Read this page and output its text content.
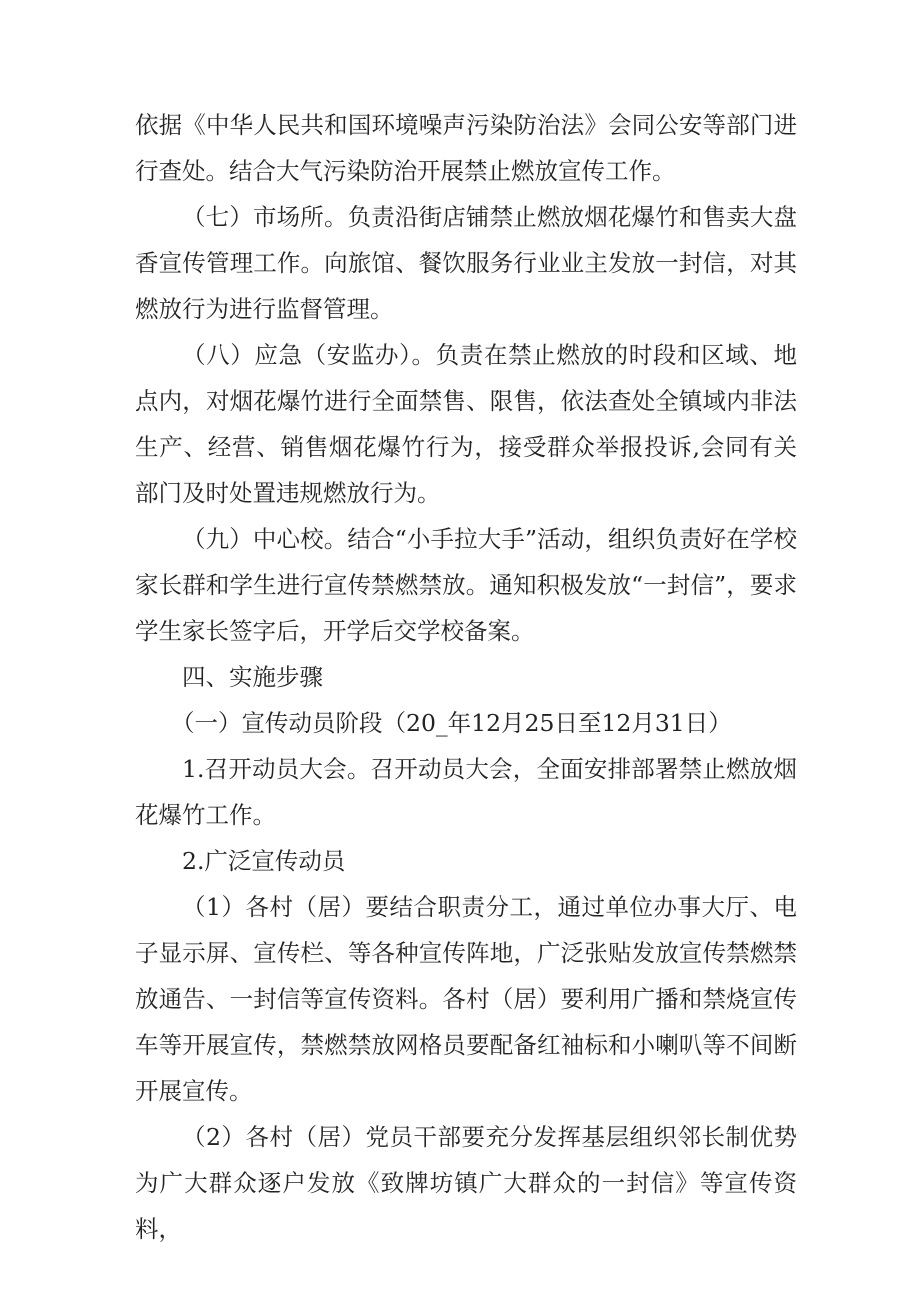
依据《中华人民共和国环境噪声污染防治法》会同公安等部门进行查处。结合大气污染防治开展禁止燃放宣传工作。

（七）市场所。负责沿街店铺禁止燃放烟花爆竹和售卖大盘香宣传管理工作。向旅馆、餐饮服务行业业主发放一封信，对其燃放行为进行监督管理。

（八）应急（安监办）。负责在禁止燃放的时段和区域、地点内，对烟花爆竹进行全面禁售、限售，依法查处全镇域内非法生产、经营、销售烟花爆竹行为，接受群众举报投诉,会同有关部门及时处置违规燃放行为。

（九）中心校。结合“小手拉大手”活动，组织负责好在学校家长群和学生进行宣传禁燃禁放。通知积极发放“一封信”，要求学生家长签字后，开学后交学校备案。

四、实施步骤

（一）宣传动员阶段（20_年12月25日至12月31日）

1.召开动员大会。召开动员大会，全面安排部署禁止燃放烟花爆竹工作。

2.广泛宣传动员

（1）各村（居）要结合职责分工，通过单位办事大厅、电子显示屏、宣传栏、等各种宣传阵地，广泛张贴发放宣传禁燃禁放通告、一封信等宣传资料。各村（居）要利用广播和禁烧宣传车等开展宣传，禁燃禁放网格员要配备红袖标和小喇叭等不间断开展宣传。

（2）各村（居）党员干部要充分发挥基层组织邻长制优势为广大群众逐户发放《致牌坊镇广大群众的一封信》等宣传资料，
